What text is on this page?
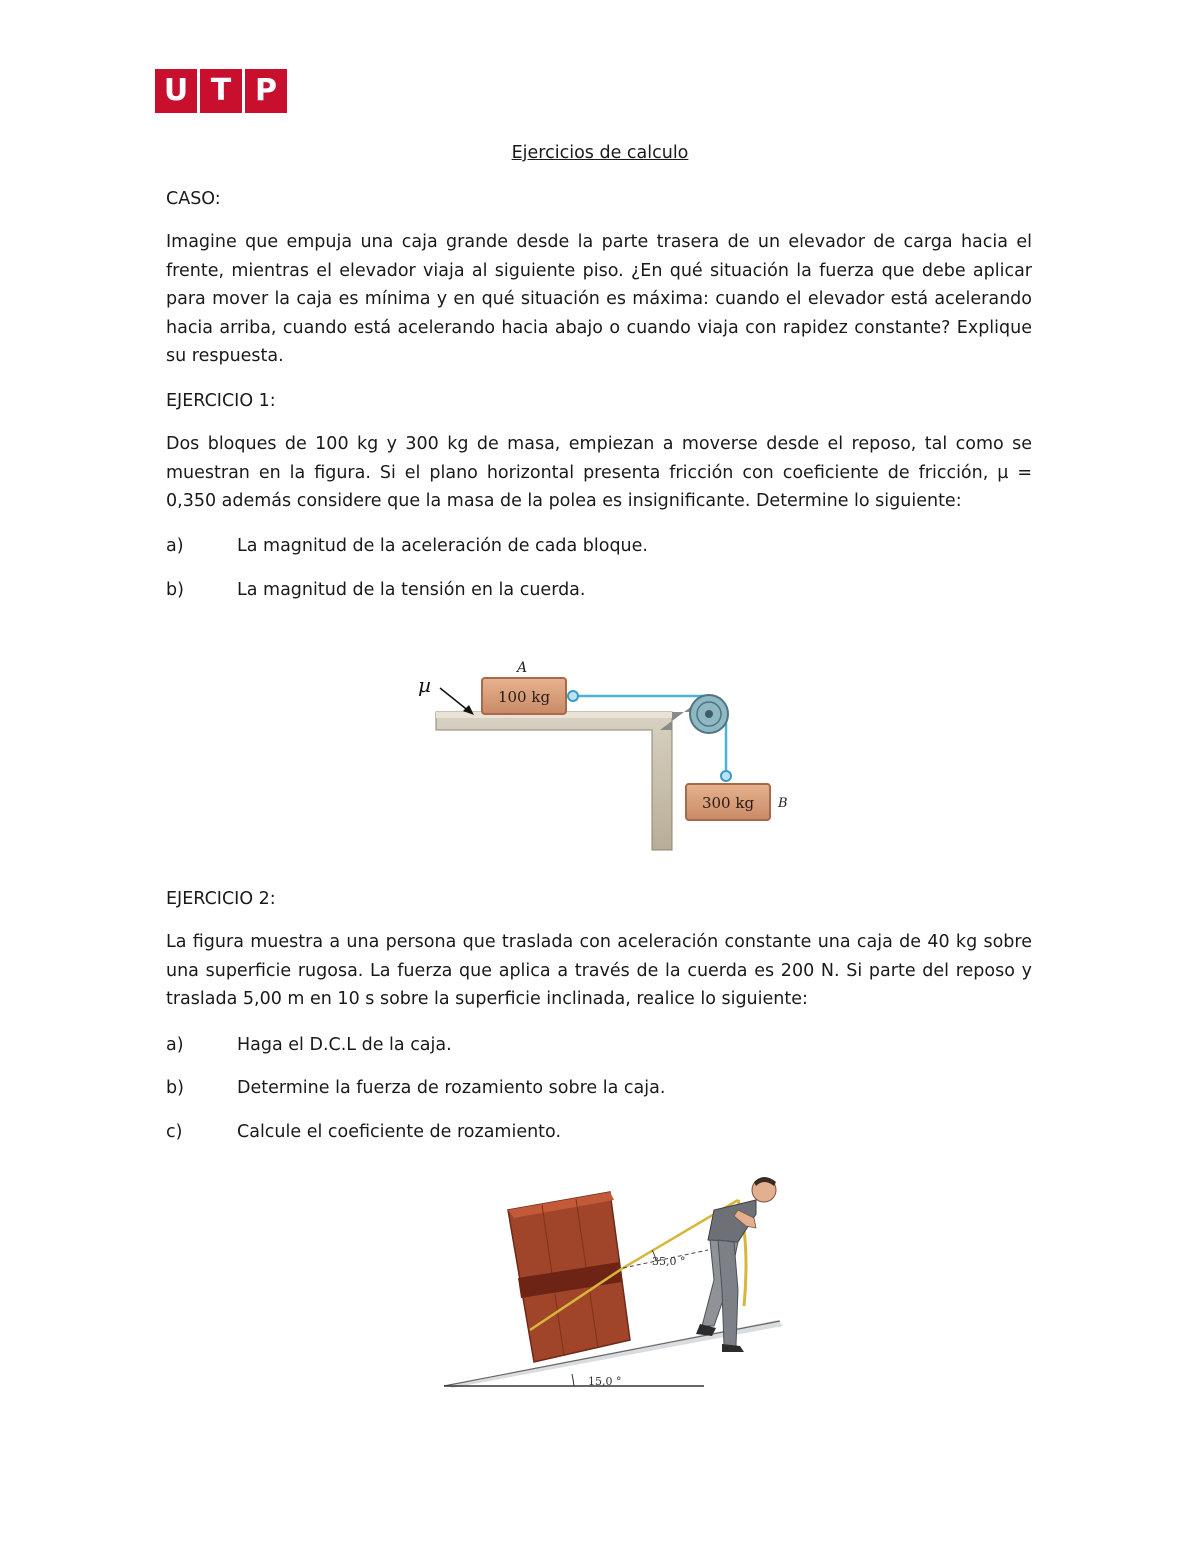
U T P
Ejercicios de calculo
CASO:
Imagine que empuja una caja grande desde la parte trasera de un elevador de carga hacia el frente, mientras el elevador viaja al siguiente piso. ¿En qué situación la fuerza que debe aplicar para mover la caja es mínima y en qué situación es máxima: cuando el elevador está acelerando hacia arriba, cuando está acelerando hacia abajo o cuando viaja con rapidez constante? Explique su respuesta.
EJERCICIO 1:
Dos bloques de 100 kg y 300 kg de masa, empiezan a moverse desde el reposo, tal como se muestran en la figura. Si el plano horizontal presenta fricción con coeficiente de fricción, µ = 0,350 además considere que la masa de la polea es insignificante. Determine lo siguiente:
a)	La magnitud de la aceleración de cada bloque.
b)	La magnitud de la tensión en la cuerda.
100 kg
A
300 kg B
µ
EJERCICIO 2:
La figura muestra a una persona que traslada con aceleración constante una caja de 40 kg sobre una superficie rugosa. La fuerza que aplica a través de la cuerda es 200 N. Si parte del reposo y traslada 5,00 m en 10 s sobre la superficie inclinada, realice lo siguiente:
a)	Haga el D.C.L de la caja.
b)	Determine la fuerza de rozamiento sobre la caja.
c)	Calcule el coeficiente de rozamiento.
15,0 °
35,0 °
